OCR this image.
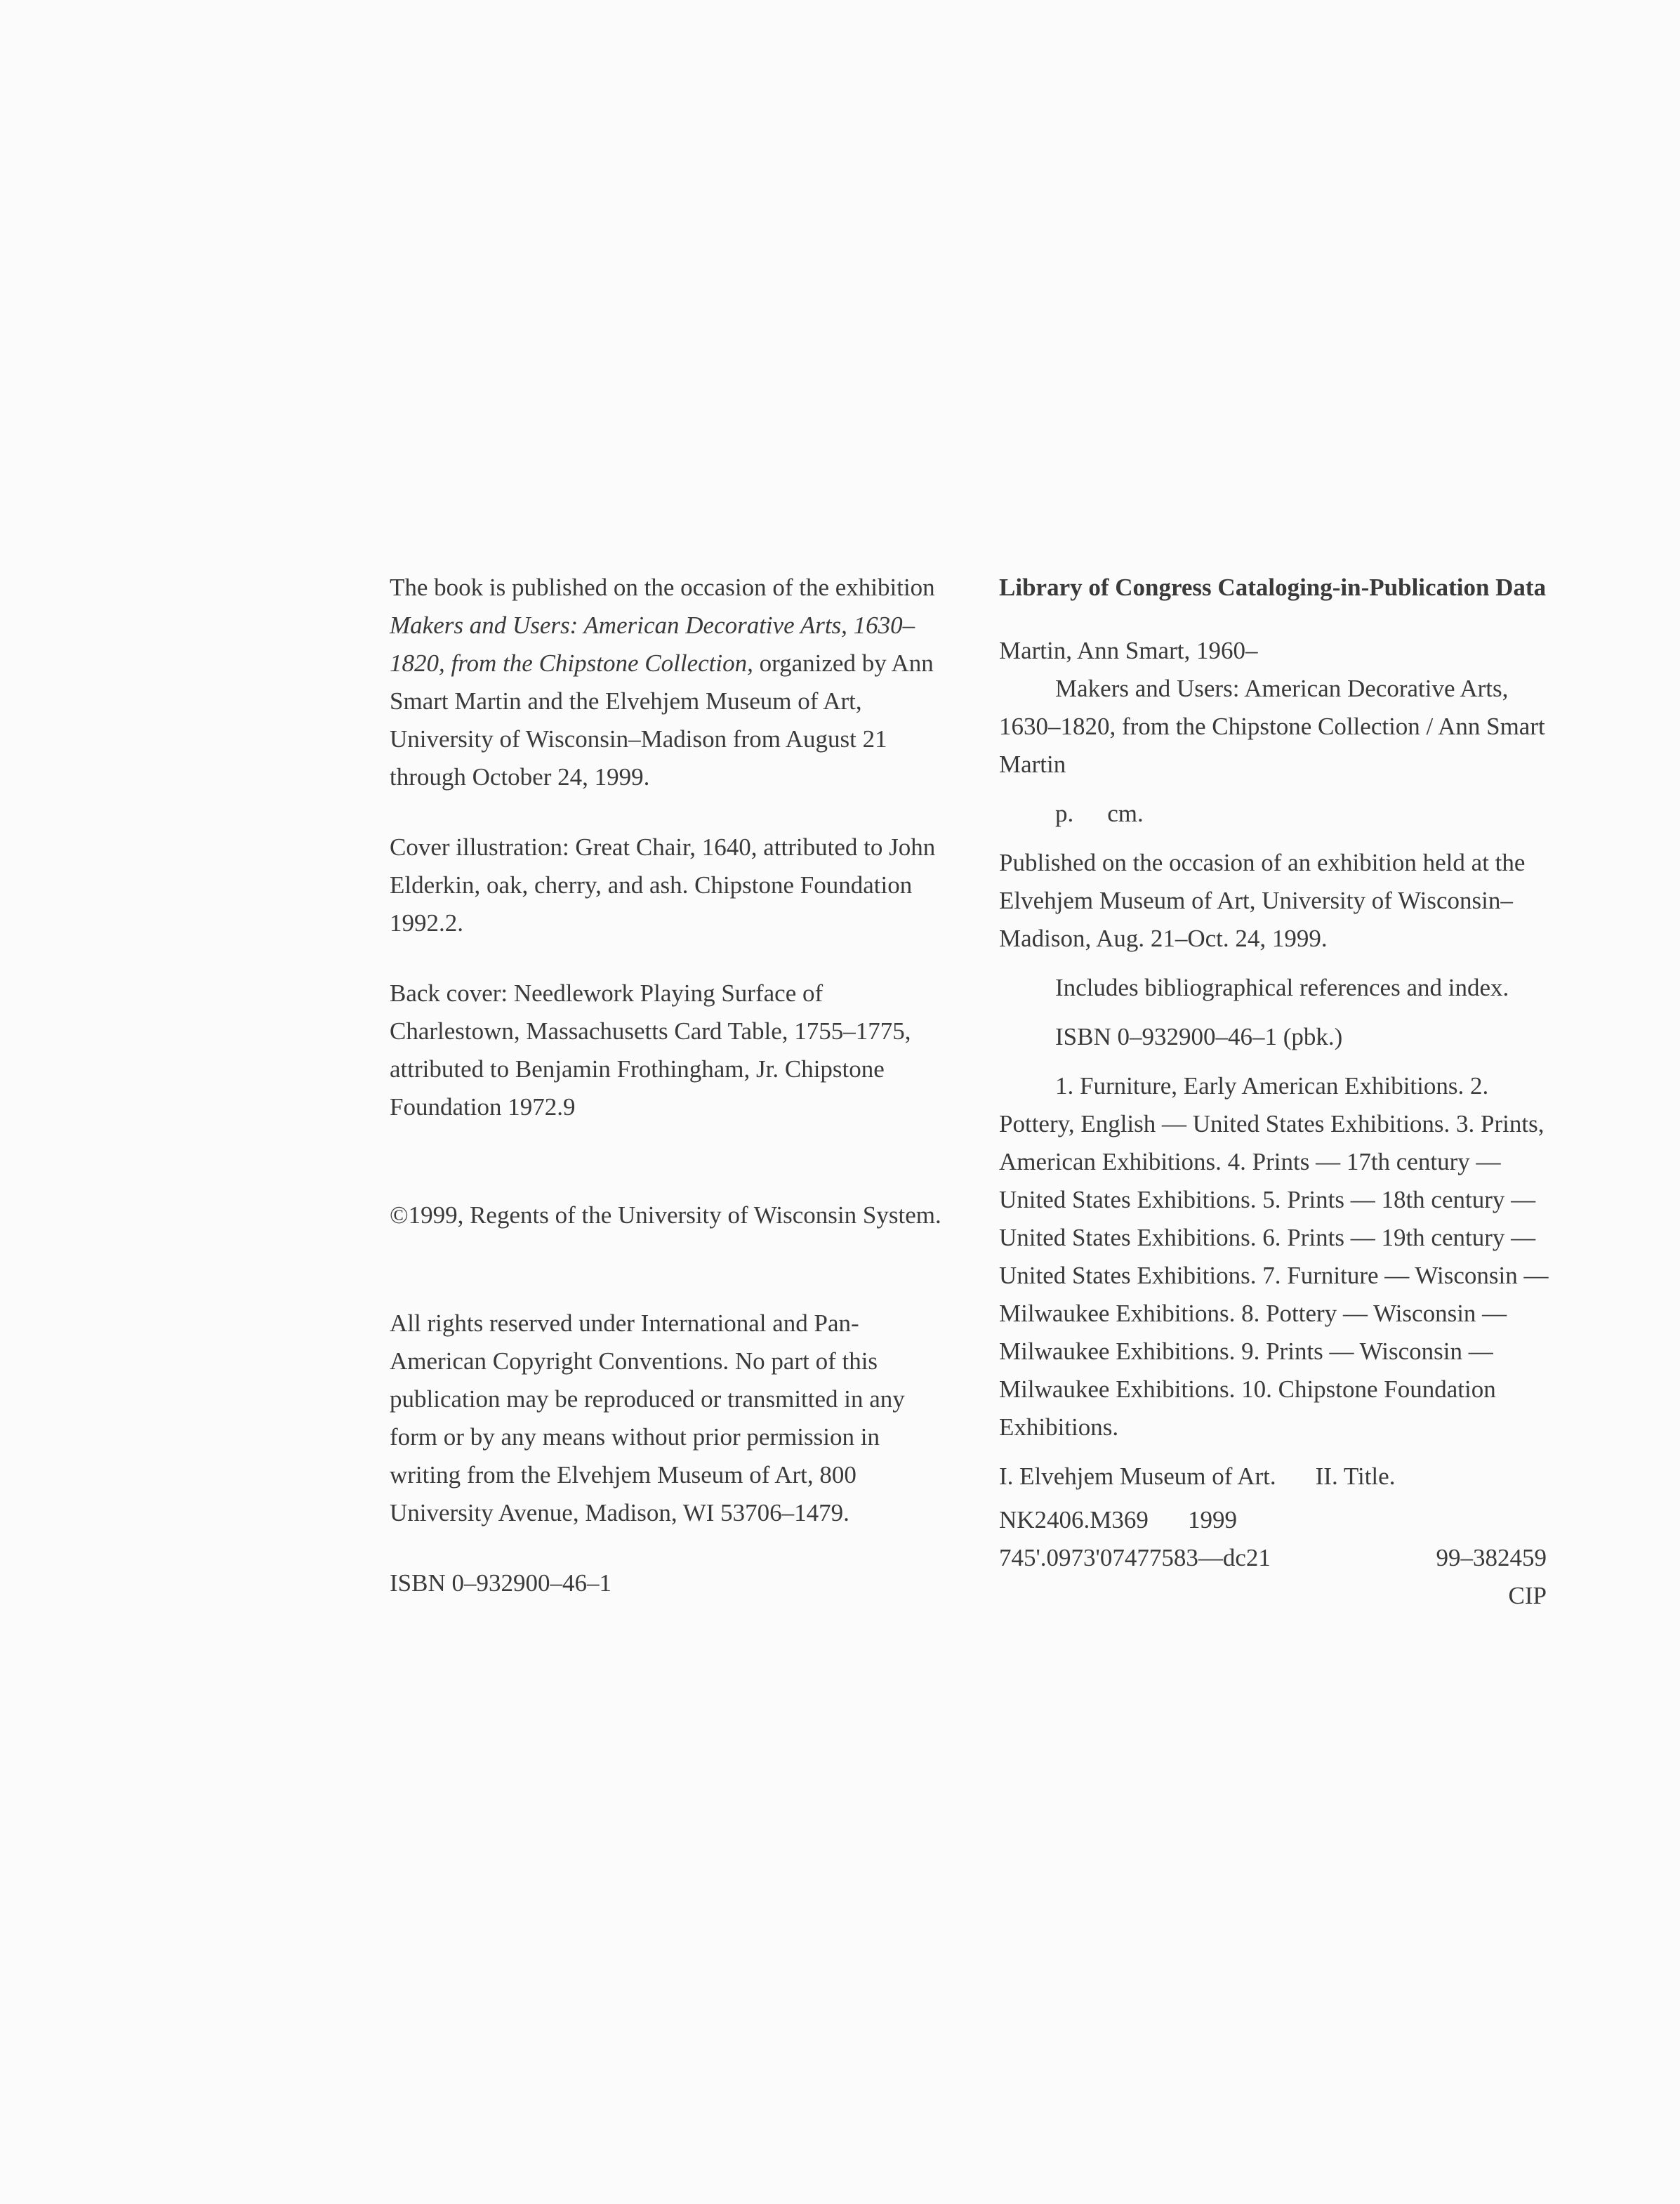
The book is published on the occasion of the exhibition Makers and Users: American Decorative Arts, 1630–1820, from the Chipstone Collection, organized by Ann Smart Martin and the Elvehjem Museum of Art, University of Wisconsin–Madison from August 21 through October 24, 1999.

Cover illustration: Great Chair, 1640, attributed to John Elderkin, oak, cherry, and ash. Chipstone Foundation 1992.2.

Back cover: Needlework Playing Surface of Charlestown, Massachusetts Card Table, 1755–1775, attributed to Benjamin Frothingham, Jr. Chipstone Foundation 1972.9

©1999, Regents of the University of Wisconsin System.

All rights reserved under International and Pan-American Copyright Conventions. No part of this publication may be reproduced or transmitted in any form or by any means without prior permission in writing from the Elvehjem Museum of Art, 800 University Avenue, Madison, WI 53706–1479.

ISBN 0–932900–46–1

Library of Congress Cataloging-in-Publication Data

Martin, Ann Smart, 1960–

Makers and Users: American Decorative Arts, 1630–1820, from the Chipstone Collection / Ann Smart Martin

p. cm.

Published on the occasion of an exhibition held at the Elvehjem Museum of Art, University of Wisconsin–Madison, Aug. 21–Oct. 24, 1999.

Includes bibliographical references and index.

ISBN 0–932900–46–1 (pbk.)

1. Furniture, Early American Exhibitions. 2. Pottery, English — United States Exhibitions. 3. Prints, American Exhibitions. 4. Prints — 17th century — United States Exhibitions. 5. Prints — 18th century — United States Exhibitions. 6. Prints — 19th century — United States Exhibitions. 7. Furniture — Wisconsin — Milwaukee Exhibitions. 8. Pottery — Wisconsin — Milwaukee Exhibitions. 9. Prints — Wisconsin — Milwaukee Exhibitions. 10. Chipstone Foundation Exhibitions.

I. Elvehjem Museum of Art. II. Title.

NK2406.M369 1999

745'.0973'07477583—dc21	99–382459

CIP
